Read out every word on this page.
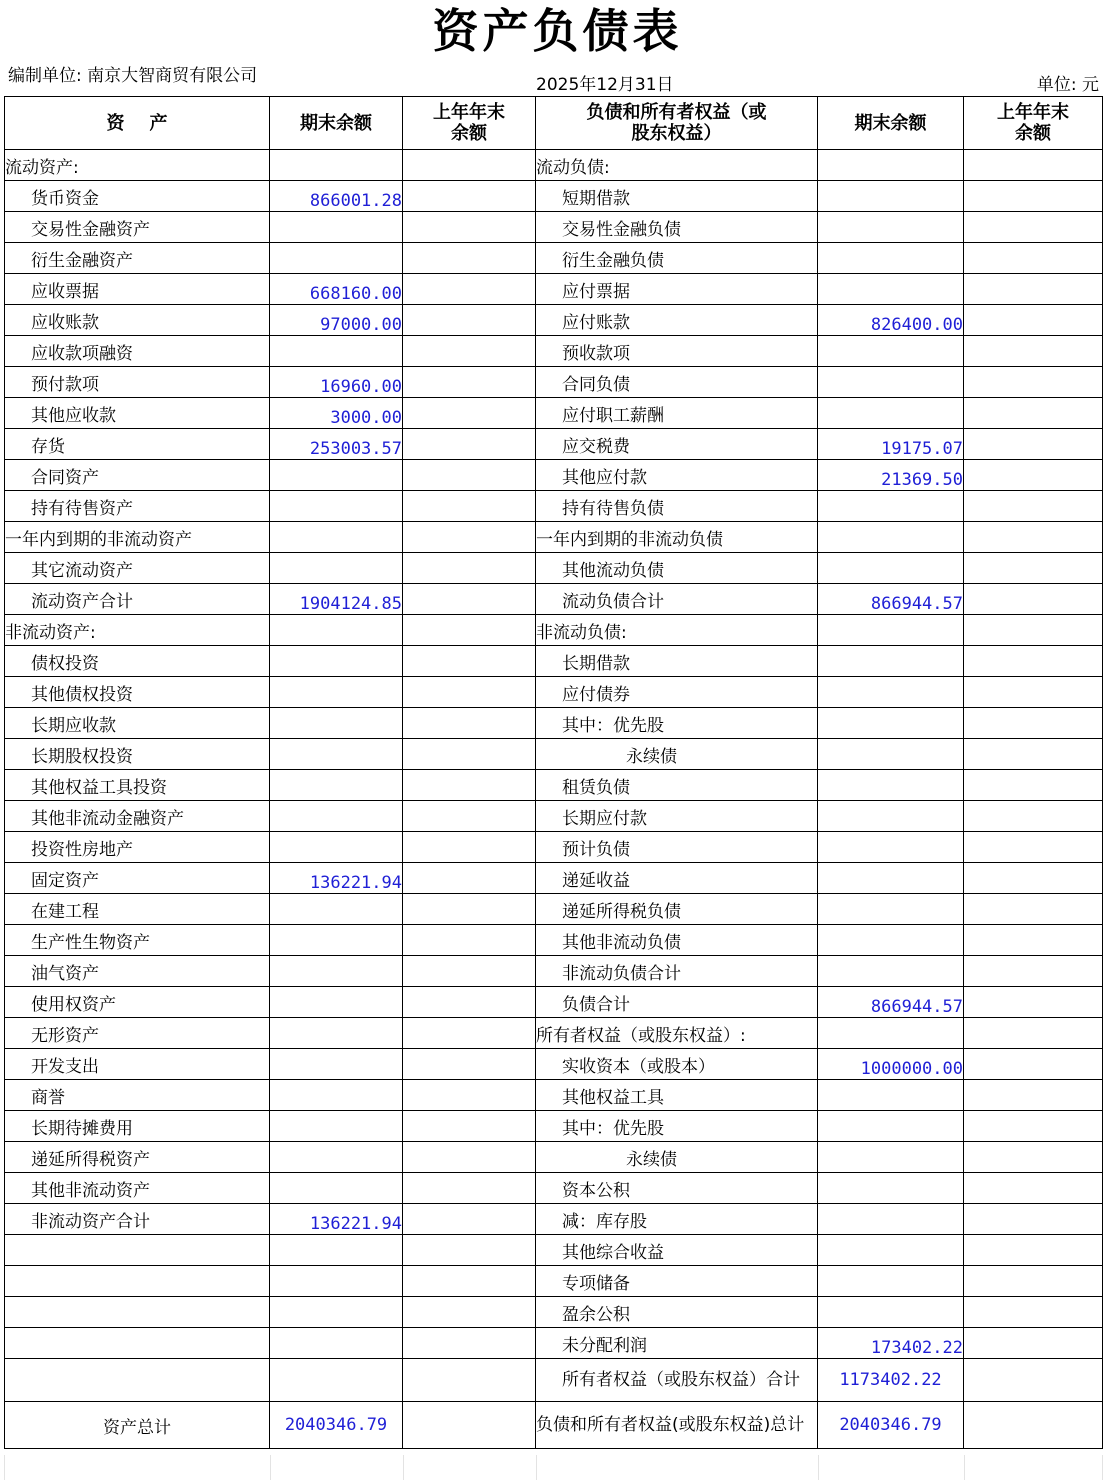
资产负债表
编制单位: 南京大智商贸有限公司	2025年12月31日	单位: 元
资    产	期末余额	上年年末余额	负债和所有者权益（或股东权益）	期末余额	上年年末余额
流动资产:			流动负债:		
货币资金	866001.28		短期借款		
交易性金融资产			交易性金融负债		
衍生金融资产			衍生金融负债		
应收票据	668160.00		应付票据		
应收账款	97000.00		应付账款	826400.00	
应收款项融资			预收款项		
预付款项	16960.00		合同负债		
其他应收款	3000.00		应付职工薪酬		
存货	253003.57		应交税费	19175.07	
合同资产			其他应付款	21369.50	
持有待售资产			持有待售负债		
一年内到期的非流动资产			一年内到期的非流动负债		
其它流动资产			其他流动负债		
流动资产合计	1904124.85		流动负债合计	866944.57	
非流动资产:			非流动负债:		
债权投资			长期借款		
其他债权投资			应付债券		
长期应收款			其中：优先股		
长期股权投资			永续债		
其他权益工具投资			租赁负债		
其他非流动金融资产			长期应付款		
投资性房地产			预计负债		
固定资产	136221.94		递延收益		
在建工程			递延所得税负债		
生产性生物资产			其他非流动负债		
油气资产			非流动负债合计		
使用权资产			负债合计	866944.57	
无形资产			所有者权益（或股东权益）:		
开发支出			实收资本（或股本）	1000000.00	
商誉			其他权益工具		
长期待摊费用			其中：优先股		
递延所得税资产			永续债		
其他非流动资产			资本公积		
非流动资产合计	136221.94		减：库存股		
			其他综合收益		
			专项储备		
			盈余公积		
			未分配利润	173402.22	
			所有者权益（或股东权益）合计	1173402.22	
资产总计	2040346.79		负债和所有者权益(或股东权益)总计	2040346.79	
